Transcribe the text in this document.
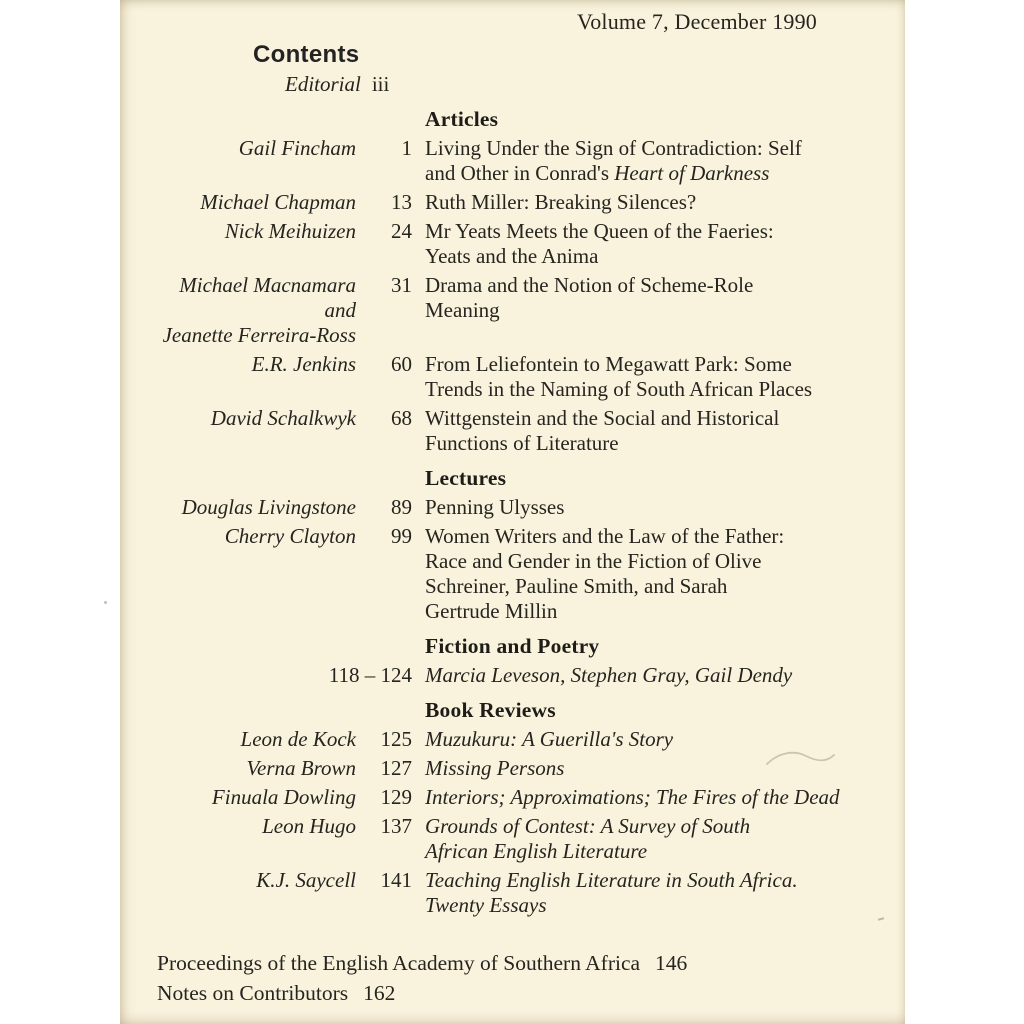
Volume 7, December 1990
Contents
Editorial iii
Articles
Gail Fincham	1 Living Under the Sign of Contradiction: Self
and Other in Conrad's Heart of Darkness
Michael Chapman	13 Ruth Miller: Breaking Silences?
Nick Meihuizen	24 Mr Yeats Meets the Queen of the Faeries:
Yeats and the Anima
Michael Macnamara
and
Jeanette Ferreira-Ross
31 Drama and the Notion of Scheme-Role
Meaning
E.R. Jenkins	60 From Leliefontein to Megawatt Park: Some
Trends in the Naming of South African Places
David Schalkwyk	68 Wittgenstein and the Social and Historical
Functions of Literature
Lectures
Douglas Livingstone	89 Penning Ulysses
Cherry Clayton	99 Women Writers and the Law of the Father:
Race and Gender in the Fiction of Olive
Schreiner, Pauline Smith, and Sarah
Gertrude Millin
Fiction and Poetry
118 – 124 Marcia Leveson, Stephen Gray, Gail Dendy
Book Reviews
Leon de Kock	125 Muzukuru: A Guerilla's Story
Verna Brown	127 Missing Persons
Finuala Dowling	129 Interiors; Approximations; The Fires of the Dead
Leon Hugo	137 Grounds of Contest: A Survey of South
African English Literature
K.J. Saycell	141 Teaching English Literature in South Africa.
Twenty Essays
Proceedings of the English Academy of Southern Africa 146
Notes on Contributors 162
